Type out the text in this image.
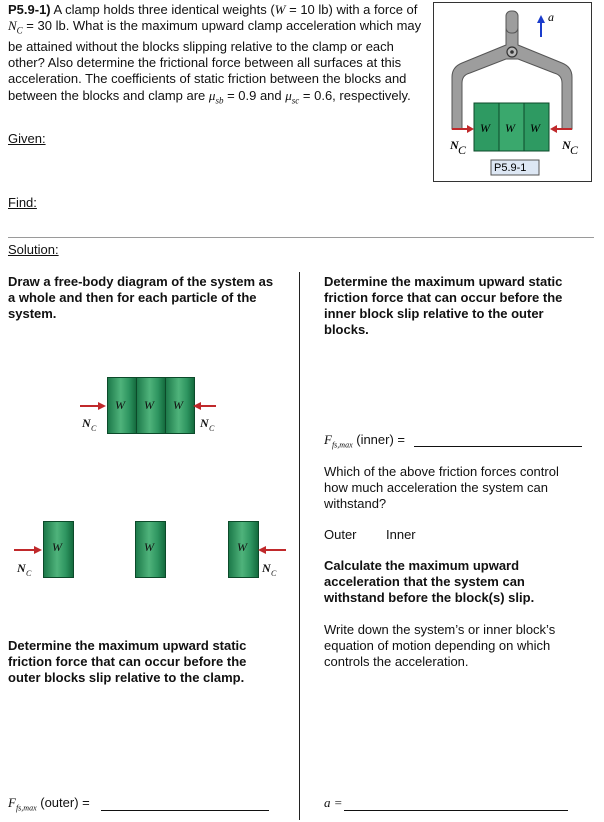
P5.9-1) A clamp holds three identical weights (W = 10 lb) with a force of $N_C = 30$ lb. What is the maximum upward clamp acceleration which may be attained without the blocks slipping relative to the clamp or each other? Also determine the frictional force between all surfaces at this acceleration. The coefficients of static friction between the blocks and between the blocks and clamp are $\mu_{sb} = 0.9$ and $\mu_{sc} = 0.6$, respectively.
W W W
N C	N C
a
P5.9-1
Given:
Find:
Solution:
Draw a free-body diagram of the system as a whole and then for each particle of the system.
W W W
N C	N C
W
N C
W	W
N C
Determine the maximum upward static friction force that can occur before the outer blocks slip relative to the clamp.
$F_{fs,max}$ (outer) =
Determine the maximum upward static friction force that can occur before the inner block slip relative to the outer blocks.
$F_{fs,max}$ (inner) =
Which of the above friction forces control how much acceleration the system can withstand?
Outer Inner
Calculate the maximum upward acceleration that the system can withstand before the block(s) slip.
Write down the system’s or inner block’s equation of motion depending on which controls the acceleration.
a =
